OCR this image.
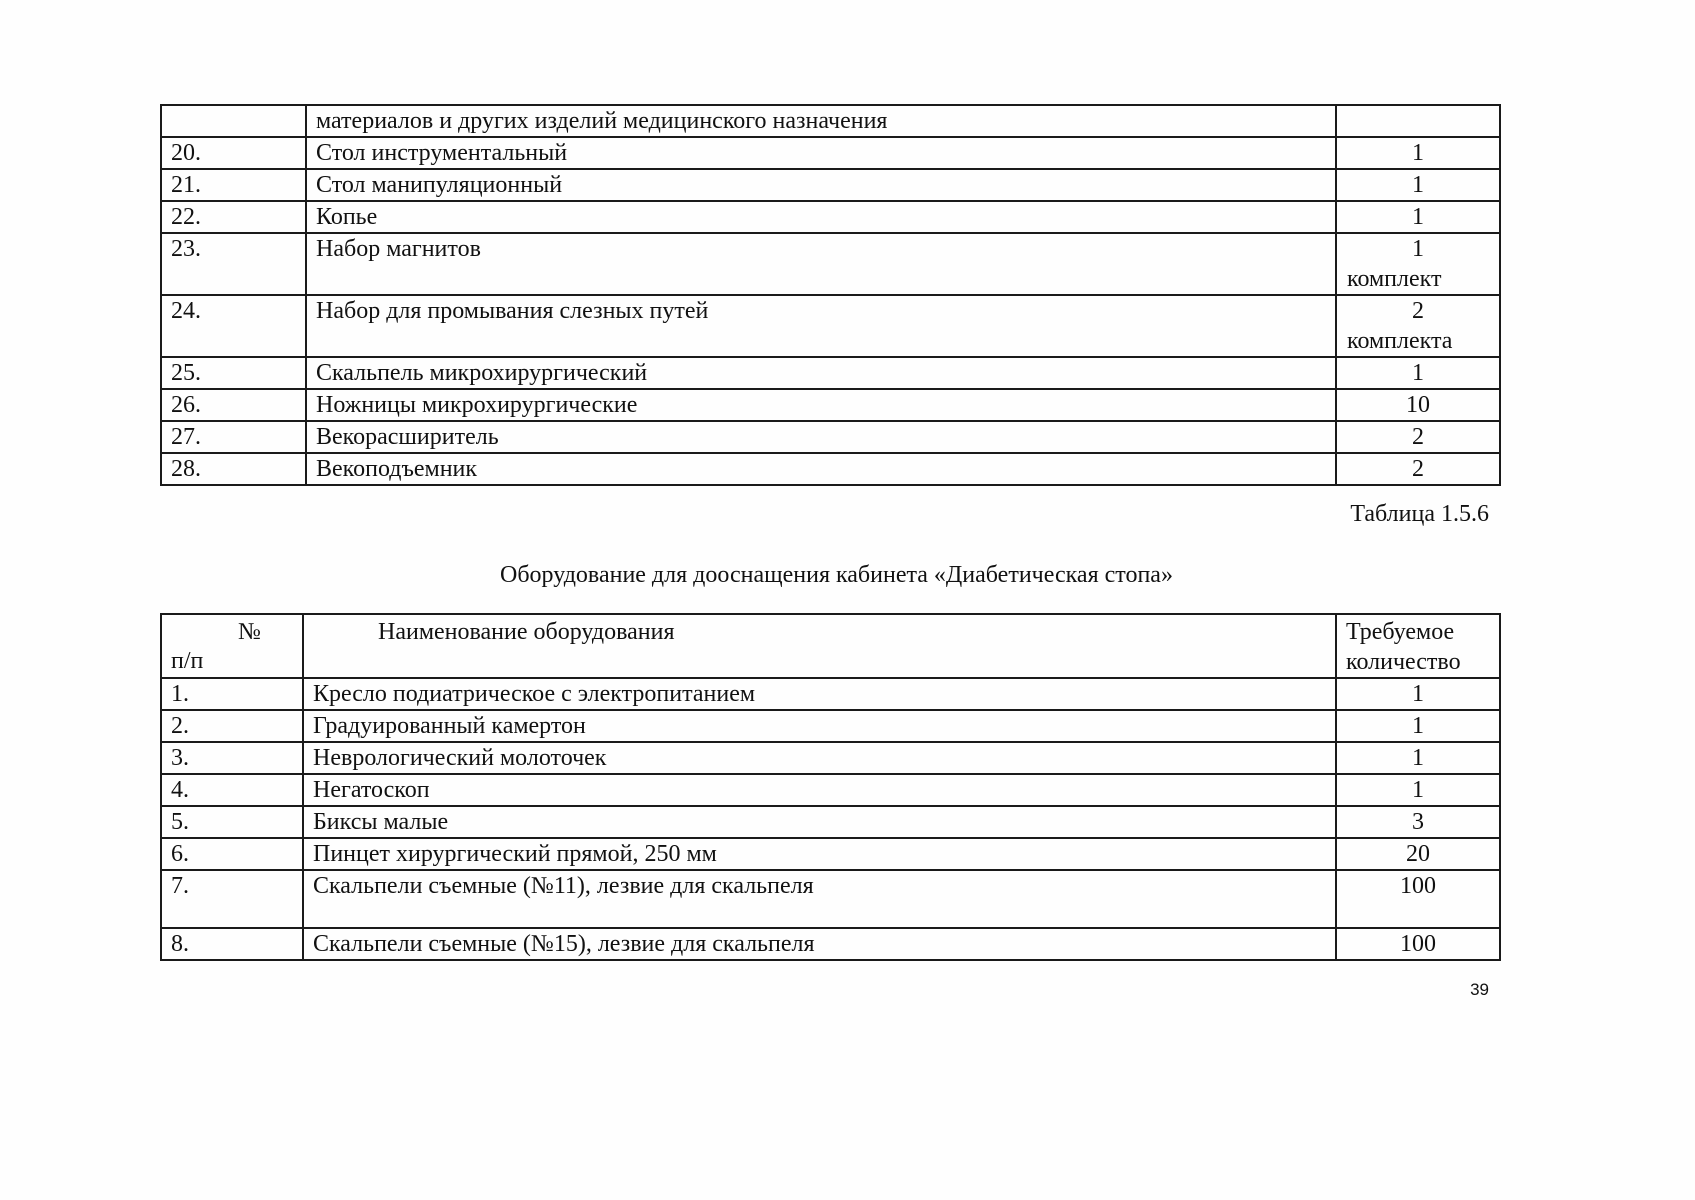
	материалов и других изделий медицинского назначения	
20.	Стол инструментальный	1
21.	Стол манипуляционный	1
22.	Копье	1
23.	Набор магнитов	1
комплект

24.	Набор для промывания слезных путей	2
комплекта

25.	Скальпель микрохирургический	1
26.	Ножницы микрохирургические	10
27.	Векорасширитель	2
28.	Векоподъемник	2
Таблица 1.5.6
Оборудование для дооснащения кабинета «Диабетическая стопа»
№
п/п	Наименование оборудования	Требуемое количество
1.	Кресло подиатрическое с электропитанием	1
2.	Градуированный камертон	1
3.	Неврологический молоточек	1
4.	Негатоскоп	1
5.	Биксы малые	3
6.	Пинцет хирургический прямой, 250 мм	20
7.	Скальпели съемные (№11), лезвие для скальпеля	100
8.	Скальпели съемные (№15), лезвие для скальпеля	100
39
